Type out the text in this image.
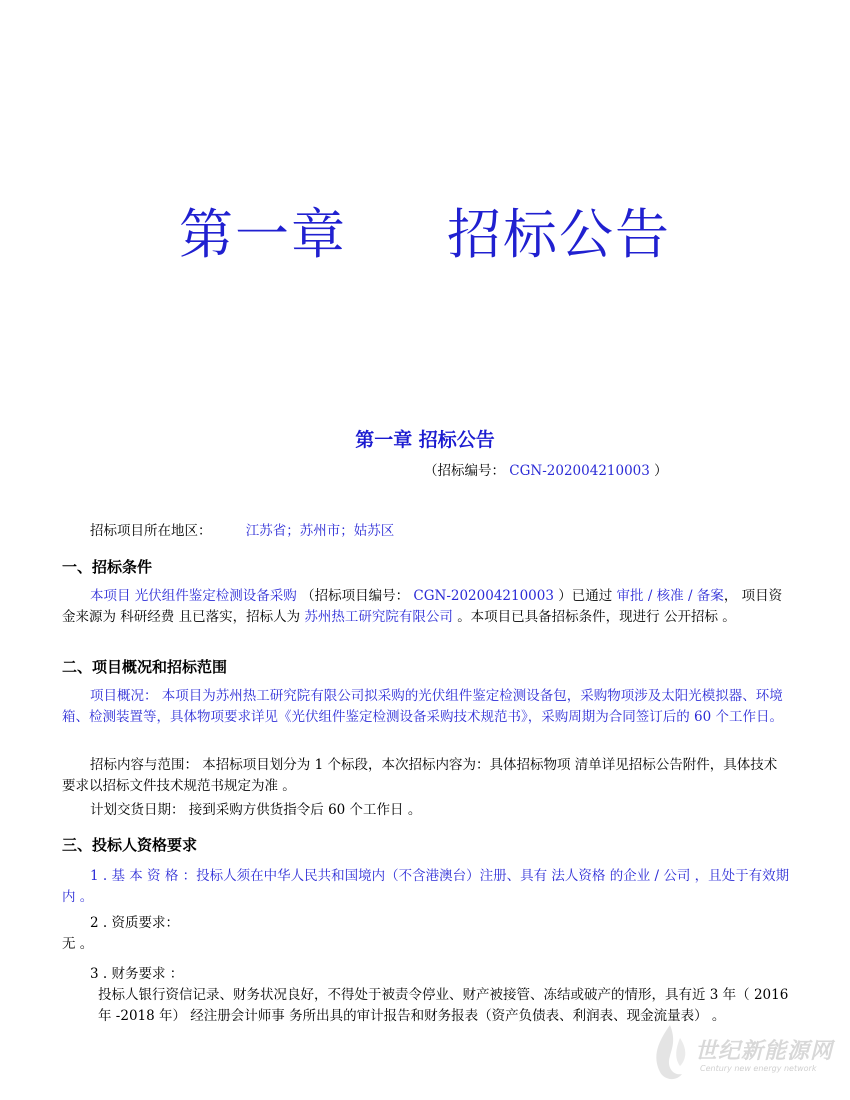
第一章 招标公告
第一章 招标公告
（招标编号： CGN-202004210003 ）
招标项目所在地区：	江苏省；苏州市；姑苏区
一、招标条件
本项目 光伏组件鉴定检测设备采购 （招标项目编号： CGN-202004210003 ）已通过 审批 / 核准 / 备案， 项目资金来源为 科研经费 且已落实，招标人为 苏州热工研究院有限公司 。本项目已具备招标条件，现进行 公开招标 。
二、项目概况和招标范围
项目概况： 本项目为苏州热工研究院有限公司拟采购的光伏组件鉴定检测设备包，采购物项涉及太阳光模拟器、环境箱、检测装置等，具体物项要求详见《光伏组件鉴定检测设备采购技术规范书》，采购周期为合同签订后的 60 个工作日。
招标内容与范围： 本招标项目划分为 1 个标段，本次招标内容为：具体招标物项 清单详见招标公告附件，具体技术要求以招标文件技术规范书规定为准 。
计划交货日期： 接到采购方供货指令后 60 个工作日 。
三、投标人资格要求
1 . 基 本 资 格 ：投标人须在中华人民共和国境内（不含港澳台）注册、具有 法人资格 的企业 / 公司 ，且处于有效期内 。
2 . 资质要求：
无 。
3 . 财务要求 ：
投标人银行资信记录、财务状况良好，不得处于被责令停业、财产被接管、冻结或破产的情形，具有近 3 年（ 2016 年 -2018 年） 经注册会计师事 务所出具的审计报告和财务报表（资产负债表、利润表、现金流量表） 。
世纪新能源网
Century new energy network
